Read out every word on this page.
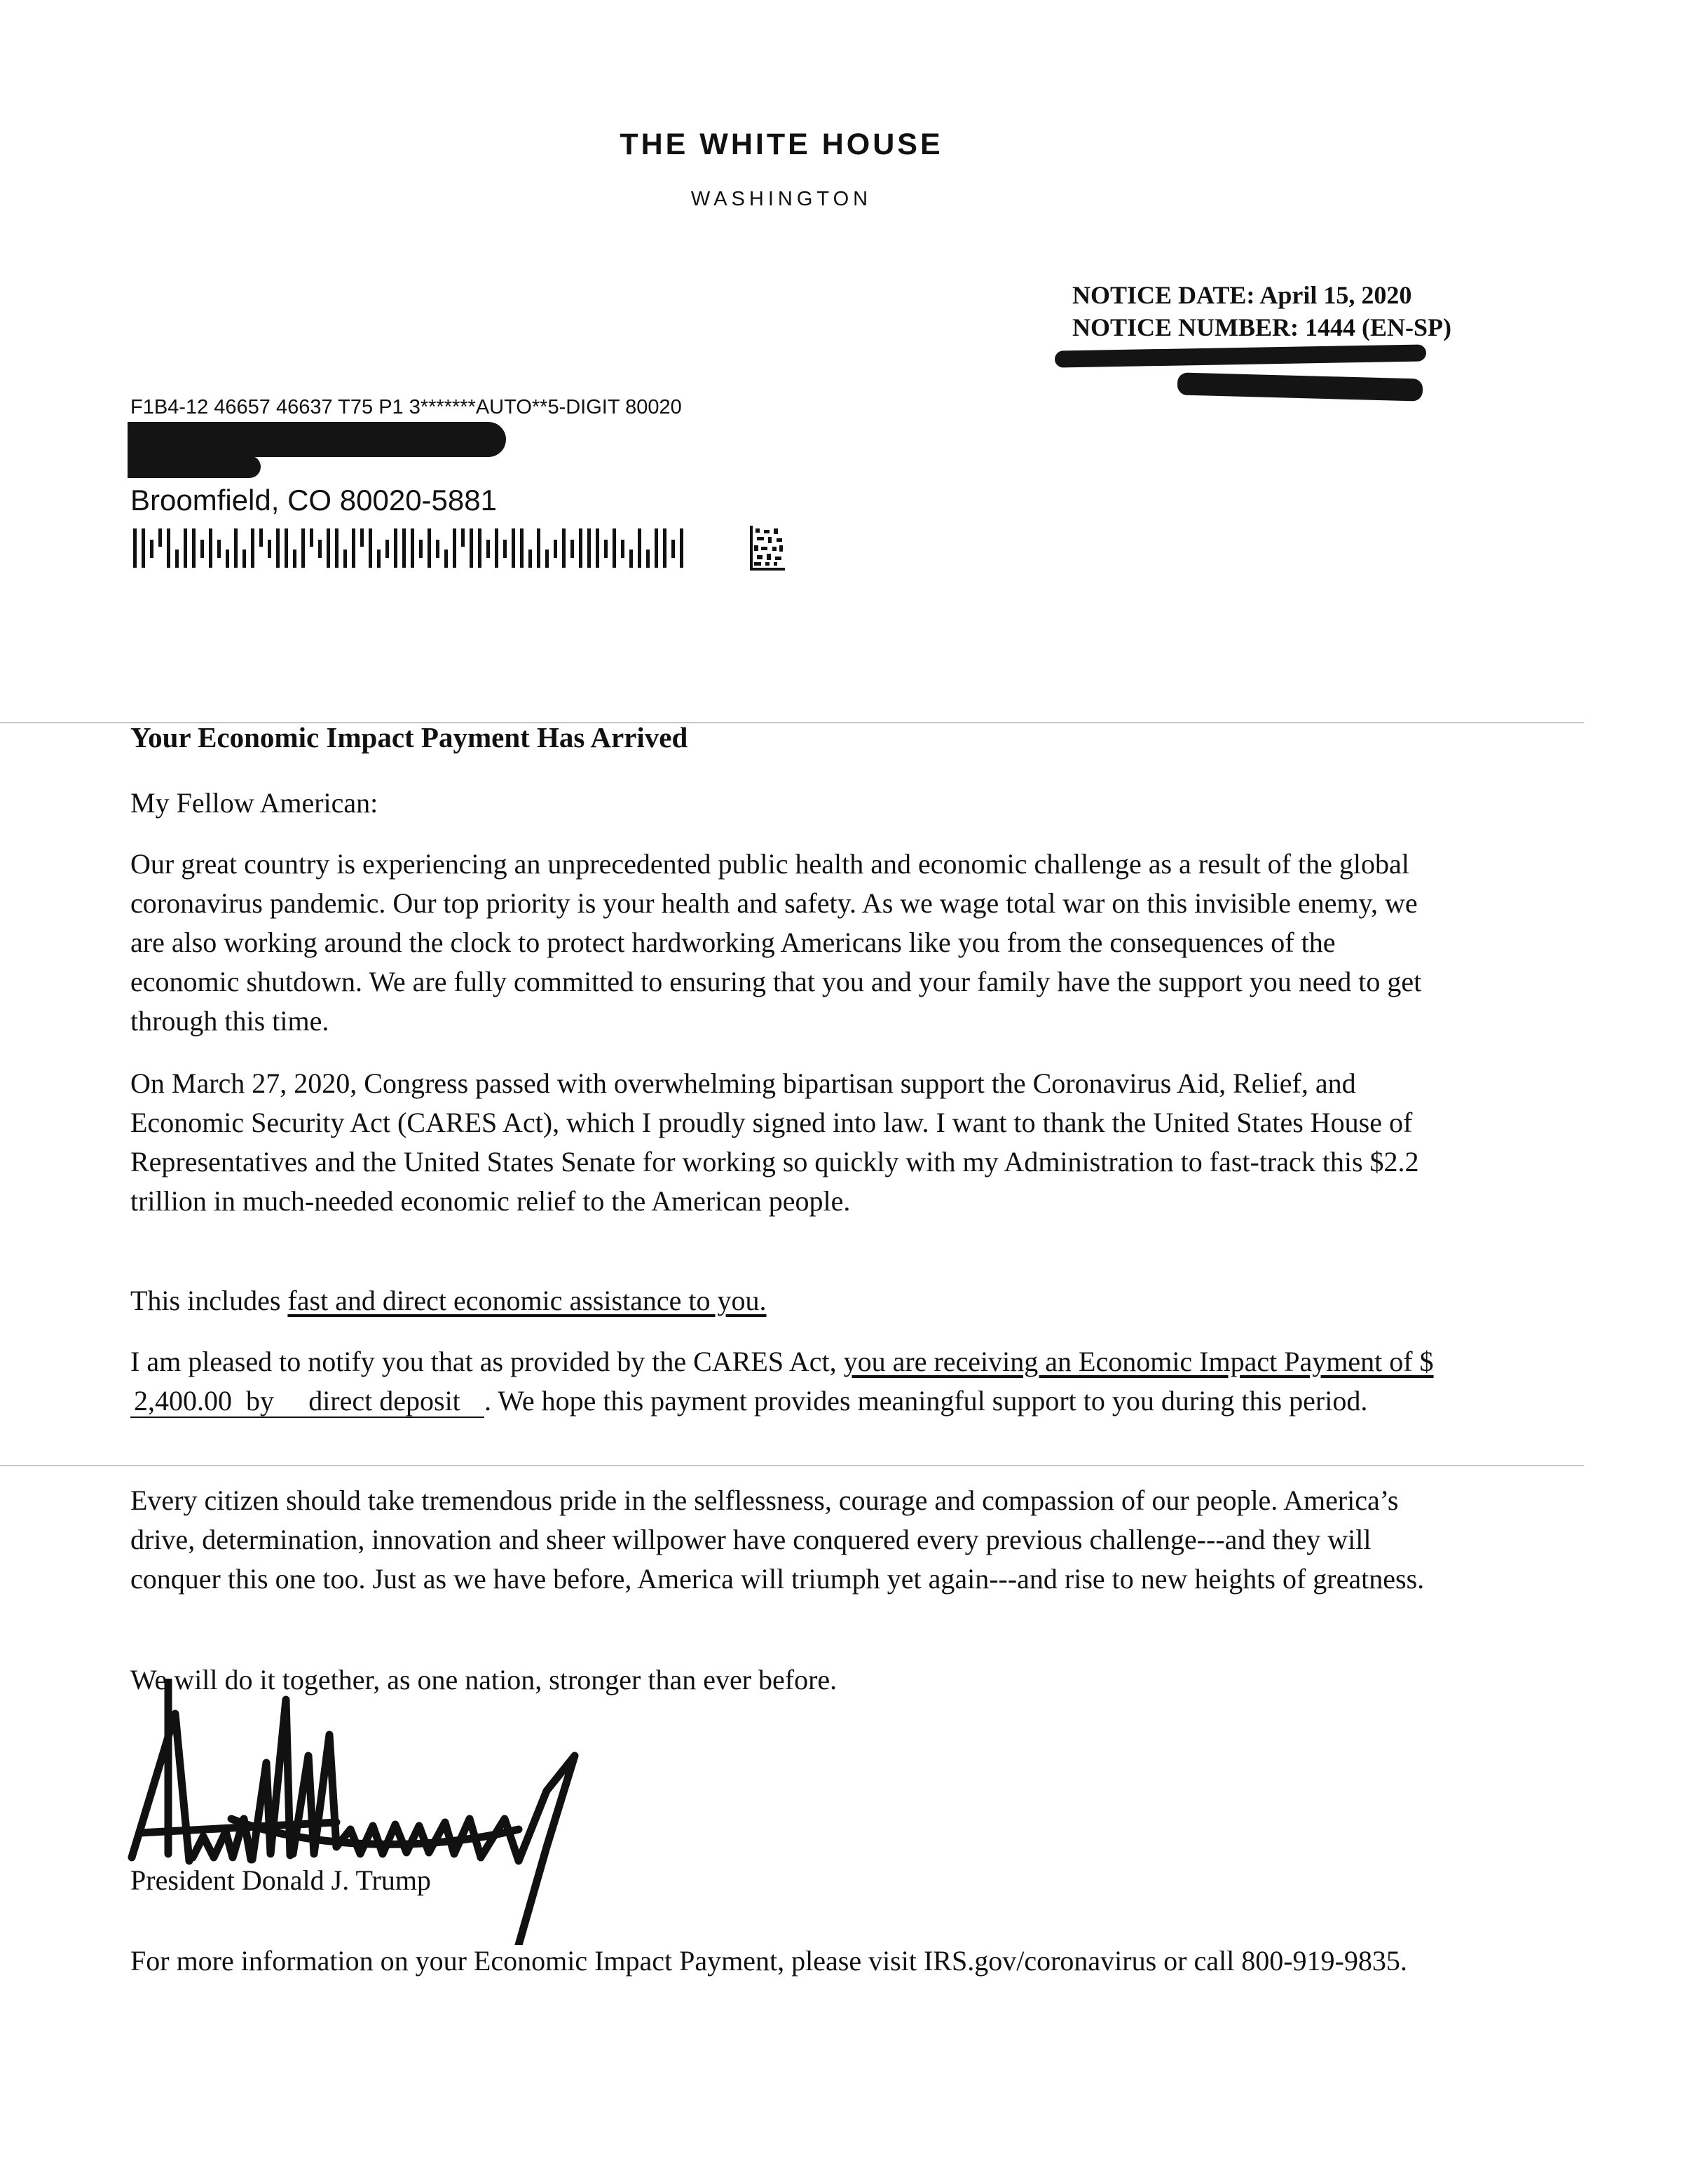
THE WHITE HOUSE
WASHINGTON
NOTICE DATE: April 15, 2020
NOTICE NUMBER: 1444 (EN-SP)
F1B4-12 46657 46637 T75 P1 3*******AUTO**5-DIGIT 80020
Broomfield, CO 80020-5881
Your Economic Impact Payment Has Arrived
My Fellow American:
Our great country is experiencing an unprecedented public health and economic challenge as a result of the global coronavirus pandemic. Our top priority is your health and safety. As we wage total war on this invisible enemy, we are also working around the clock to protect hardworking Americans like you from the consequences of the economic shutdown. We are fully committed to ensuring that you and your family have the support you need to get through this time.
On March 27, 2020, Congress passed with overwhelming bipartisan support the Coronavirus Aid, Relief, and Economic Security Act (CARES Act), which I proudly signed into law. I want to thank the United States House of Representatives and the United States Senate for working so quickly with my Administration to fast-track this $2.2 trillion in much-needed economic relief to the American people.
This includes fast and direct economic assistance to you.
I am pleased to notify you that as provided by the CARES Act, you are receiving an Economic Impact Payment of $2,400.00 by direct deposit . We hope this payment provides meaningful support to you during this period.
Every citizen should take tremendous pride in the selflessness, courage and compassion of our people. America’s drive, determination, innovation and sheer willpower have conquered every previous challenge---and they will conquer this one too. Just as we have before, America will triumph yet again---and rise to new heights of greatness.
We will do it together, as one nation, stronger than ever before.
President Donald J. Trump
For more information on your Economic Impact Payment, please visit IRS.gov/coronavirus or call 800-919-9835.
